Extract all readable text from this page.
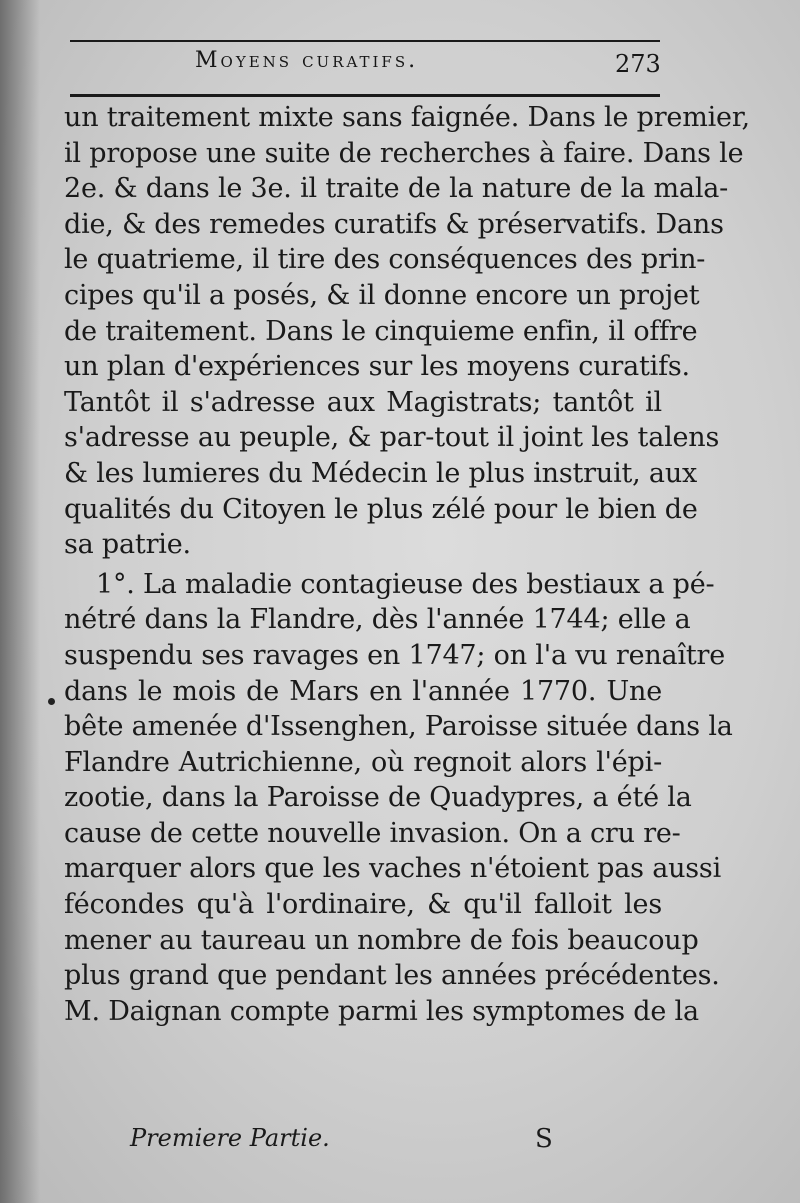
Moyens curatifs.	273
un traitement mixte sans faignée. Dans le premier,
il propose une suite de recherches à faire. Dans le
2e. & dans le 3e. il traite de la nature de la mala-
die, & des remedes curatifs & préservatifs. Dans
le quatrieme, il tire des conséquences des prin-
cipes qu'il a posés, & il donne encore un projet
de traitement. Dans le cinquieme enfin, il offre
un plan d'expériences sur les moyens curatifs.
Tantôt il s'adresse aux Magistrats; tantôt il
s'adresse au peuple, & par-tout il joint les talens
& les lumieres du Médecin le plus instruit, aux
qualités du Citoyen le plus zélé pour le bien de
sa patrie.
1°. La maladie contagieuse des bestiaux a pé-
nétré dans la Flandre, dès l'année 1744; elle a
suspendu ses ravages en 1747; on l'a vu renaître
dans le mois de Mars en l'année 1770. Une
bête amenée d'Issenghen, Paroisse située dans la
Flandre Autrichienne, où regnoit alors l'épi-
zootie, dans la Paroisse de Quadypres, a été la
cause de cette nouvelle invasion. On a cru re-
marquer alors que les vaches n'étoient pas aussi
fécondes qu'à l'ordinaire, & qu'il falloit les
mener au taureau un nombre de fois beaucoup
plus grand que pendant les années précédentes.
M. Daignan compte parmi les symptomes de la
Premiere Partie.	S
